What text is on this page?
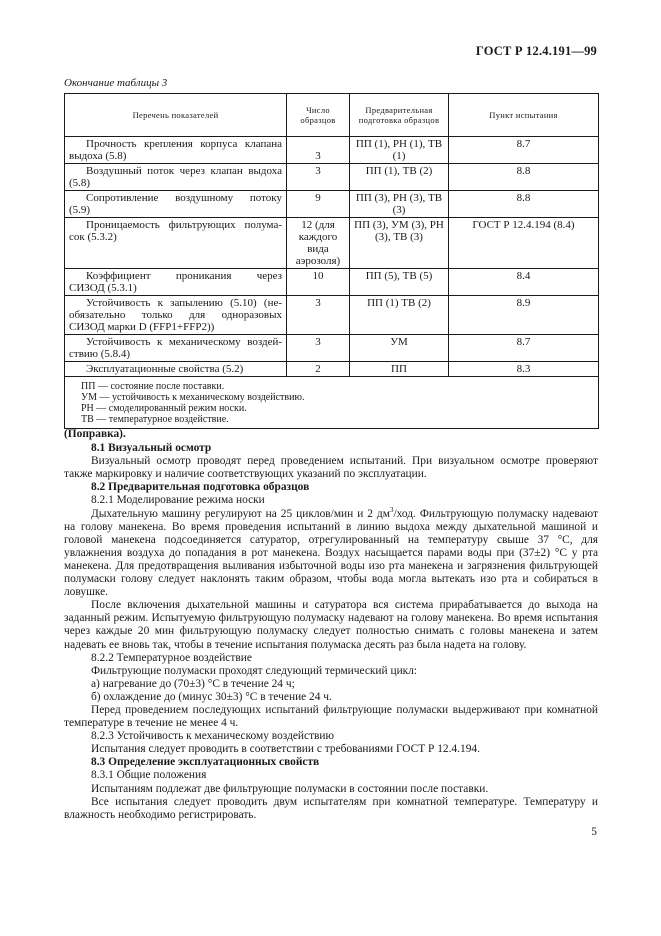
ГОСТ Р 12.4.191—99
Окончание таблицы 3
Перечень показателей	Число образцов	Предварительная подготовка образцов	Пункт испытания

Прочность крепления корпуса клапана
выдоха (5.8)	3	ПП (1), РН (1), ТВ (1)	8.7

Воздушный поток через клапан выдоха
(5.8)	3	ПП (1), ТВ (2)	8.8

Сопротивление воздушному потоку
(5.9)	9	ПП (3), РН (3), ТВ (3)	8.8

Проницаемость фильтрующих полума-
сок (5.3.2)	12 (для каждого вида аэрозоля)	ПП (3), УМ (3), РН (3), ТВ (3)	ГОСТ Р 12.4.194 (8.4)

Коэффициент проникания через
СИЗОД (5.3.1)	10	ПП (5), ТВ (5)	8.4

Устойчивость к запылению (5.10) (не-
обязательно только для одноразовых
СИЗОД марки D (FFP1+FFP2))	3	ПП (1) ТВ (2)	8.9

Устойчивость к механическому воздей-
ствию (5.8.4)	3	УМ	8.7

Эксплуатационные свойства (5.2)	2	ПП	8.3

ПП — состояние после поставки.
УМ — устойчивость к механическому воздействию.
РН — смоделированный режим носки.
ТВ — температурное воздействие.			

(Поправка).

8.1 Визуальный осмотр

Визуальный осмотр проводят перед проведением испытаний. При визуальном осмотре проверяют также маркировку и наличие соответствующих указаний по эксплуатации.

8.2 Предварительная подготовка образцов

8.2.1 Моделирование режима носки

Дыхательную машину регулируют на 25 циклов/мин и 2 $дм^3$/ход. Фильтрующую полумаску надевают на голову манекена. Во время проведения испытаний в линию выдоха между дыхательной машиной и головой манекена подсоединяется сатуратор, отрегулированный на температуру свыше 37 °С, для увлажнения воздуха до попадания в рот манекена. Воздух насыщается парами воды при (37±2) °С у рта манекена. Для предотвращения выливания избыточной воды изо рта манекена и загрязнения фильтрующей полумаски голову следует наклонять таким образом, чтобы вода могла вытекать изо рта и собираться в ловушке.

После включения дыхательной машины и сатуратора вся система прирабатывается до выхода на заданный режим. Испытуемую фильтрующую полумаску надевают на голову манекена. Во время испытания через каждые 20 мин фильтрующую полумаску следует полностью снимать с головы манекена и затем надевать ее вновь так, чтобы в течение испытания полумаска десять раз была надета на голову.

8.2.2 Температурное воздействие

Фильтрующие полумаски проходят следующий термический цикл:

а) нагревание до (70±3) °С в течение 24 ч;

б) охлаждение до (минус 30±3) °С в течение 24 ч.

Перед проведением последующих испытаний фильтрующие полумаски выдерживают при комнатной температуре в течение не менее 4 ч.

8.2.3 Устойчивость к механическому воздействию

Испытания следует проводить в соответствии с требованиями ГОСТ Р 12.4.194.

8.3 Определение эксплуатационных свойств

8.3.1 Общие положения

Испытаниям подлежат две фильтрующие полумаски в состоянии после поставки.

Все испытания следует проводить двум испытателям при комнатной температуре. Температуру и влажность необходимо регистрировать.

5
